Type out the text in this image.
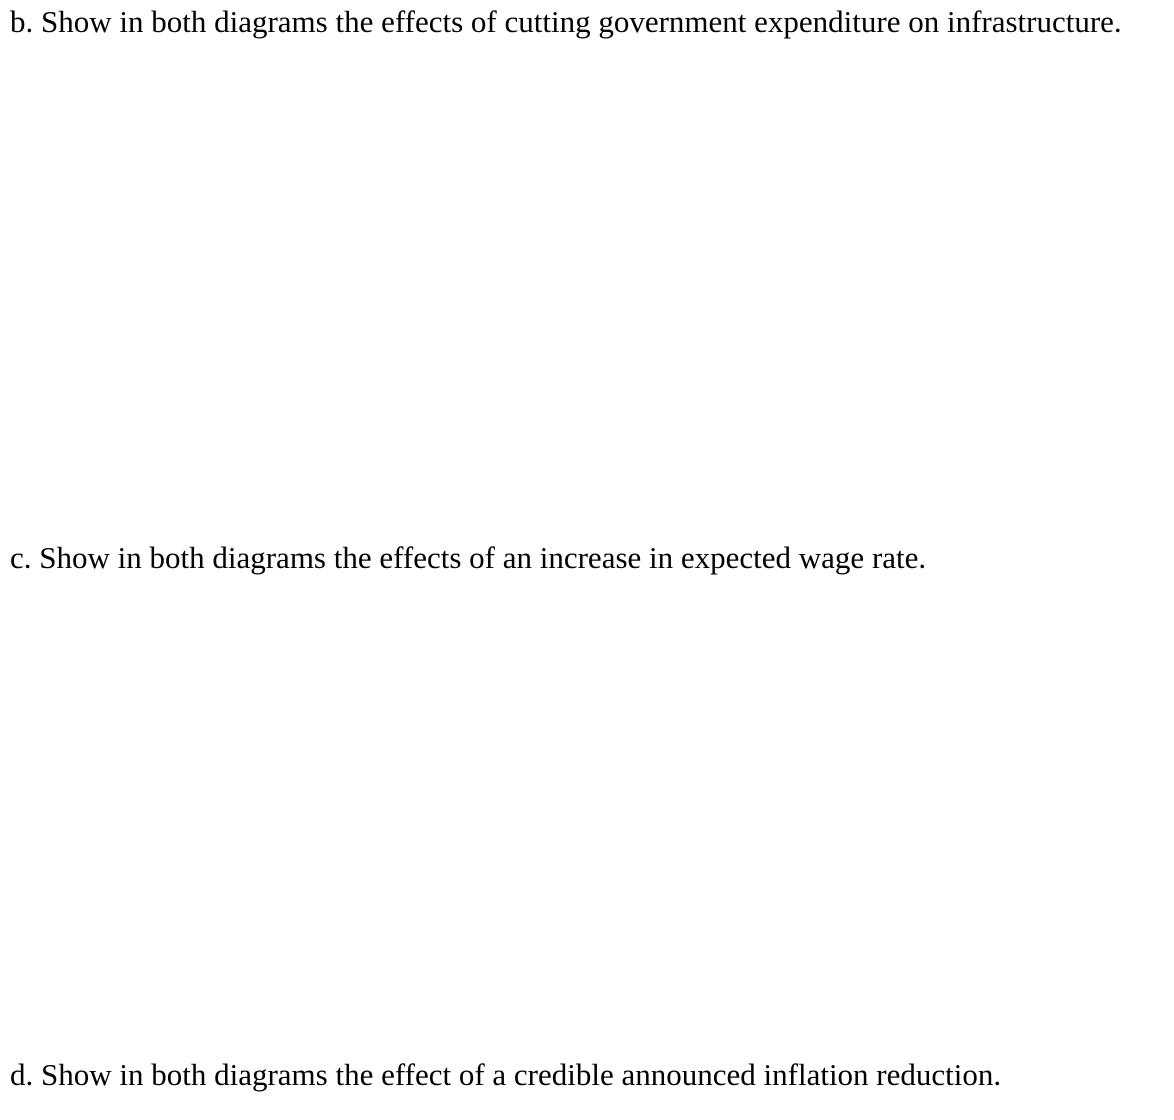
b. Show in both diagrams the effects of cutting government expenditure on infrastructure.

c. Show in both diagrams the effects of an increase in expected wage rate.

d. Show in both diagrams the effect of a credible announced inflation reduction.
